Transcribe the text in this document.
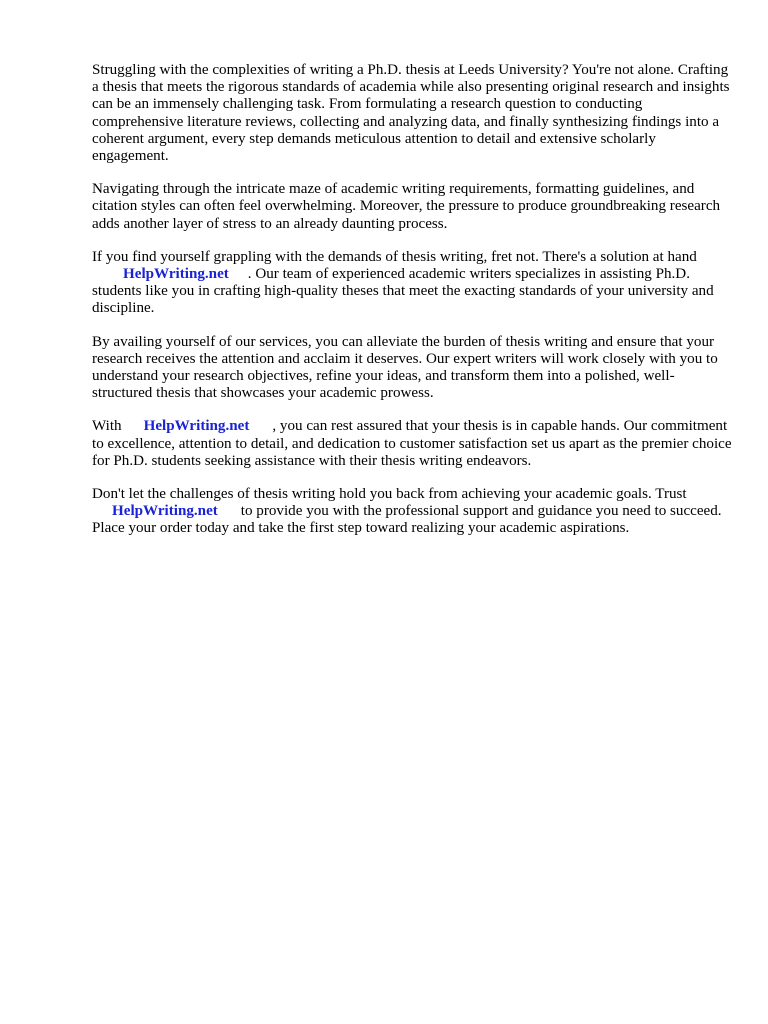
Struggling with the complexities of writing a Ph.D. thesis at Leeds University? You're not alone. Crafting a thesis that meets the rigorous standards of academia while also presenting original research and insights can be an immensely challenging task. From formulating a research question to conducting comprehensive literature reviews, collecting and analyzing data, and finally synthesizing findings into a coherent argument, every step demands meticulous attention to detail and extensive scholarly engagement.

Navigating through the intricate maze of academic writing requirements, formatting guidelines, and citation styles can often feel overwhelming. Moreover, the pressure to produce groundbreaking research adds another layer of stress to an already daunting process.

If you find yourself grappling with the demands of thesis writing, fret not. There's a solution at hand
HelpWriting.net . Our team of experienced academic writers specializes in assisting Ph.D. students like you in crafting high-quality theses that meet the exacting standards of your university and discipline.

By availing yourself of our services, you can alleviate the burden of thesis writing and ensure that your research receives the attention and acclaim it deserves. Our expert writers will work closely with you to understand your research objectives, refine your ideas, and transform them into a polished, well-structured thesis that showcases your academic prowess.

With HelpWriting.net , you can rest assured that your thesis is in capable hands. Our commitment to excellence, attention to detail, and dedication to customer satisfaction set us apart as the premier choice for Ph.D. students seeking assistance with their thesis writing endeavors.

Don't let the challenges of thesis writing hold you back from achieving your academic goals. Trust
HelpWriting.net to provide you with the professional support and guidance you need to succeed. Place your order today and take the first step toward realizing your academic aspirations.
